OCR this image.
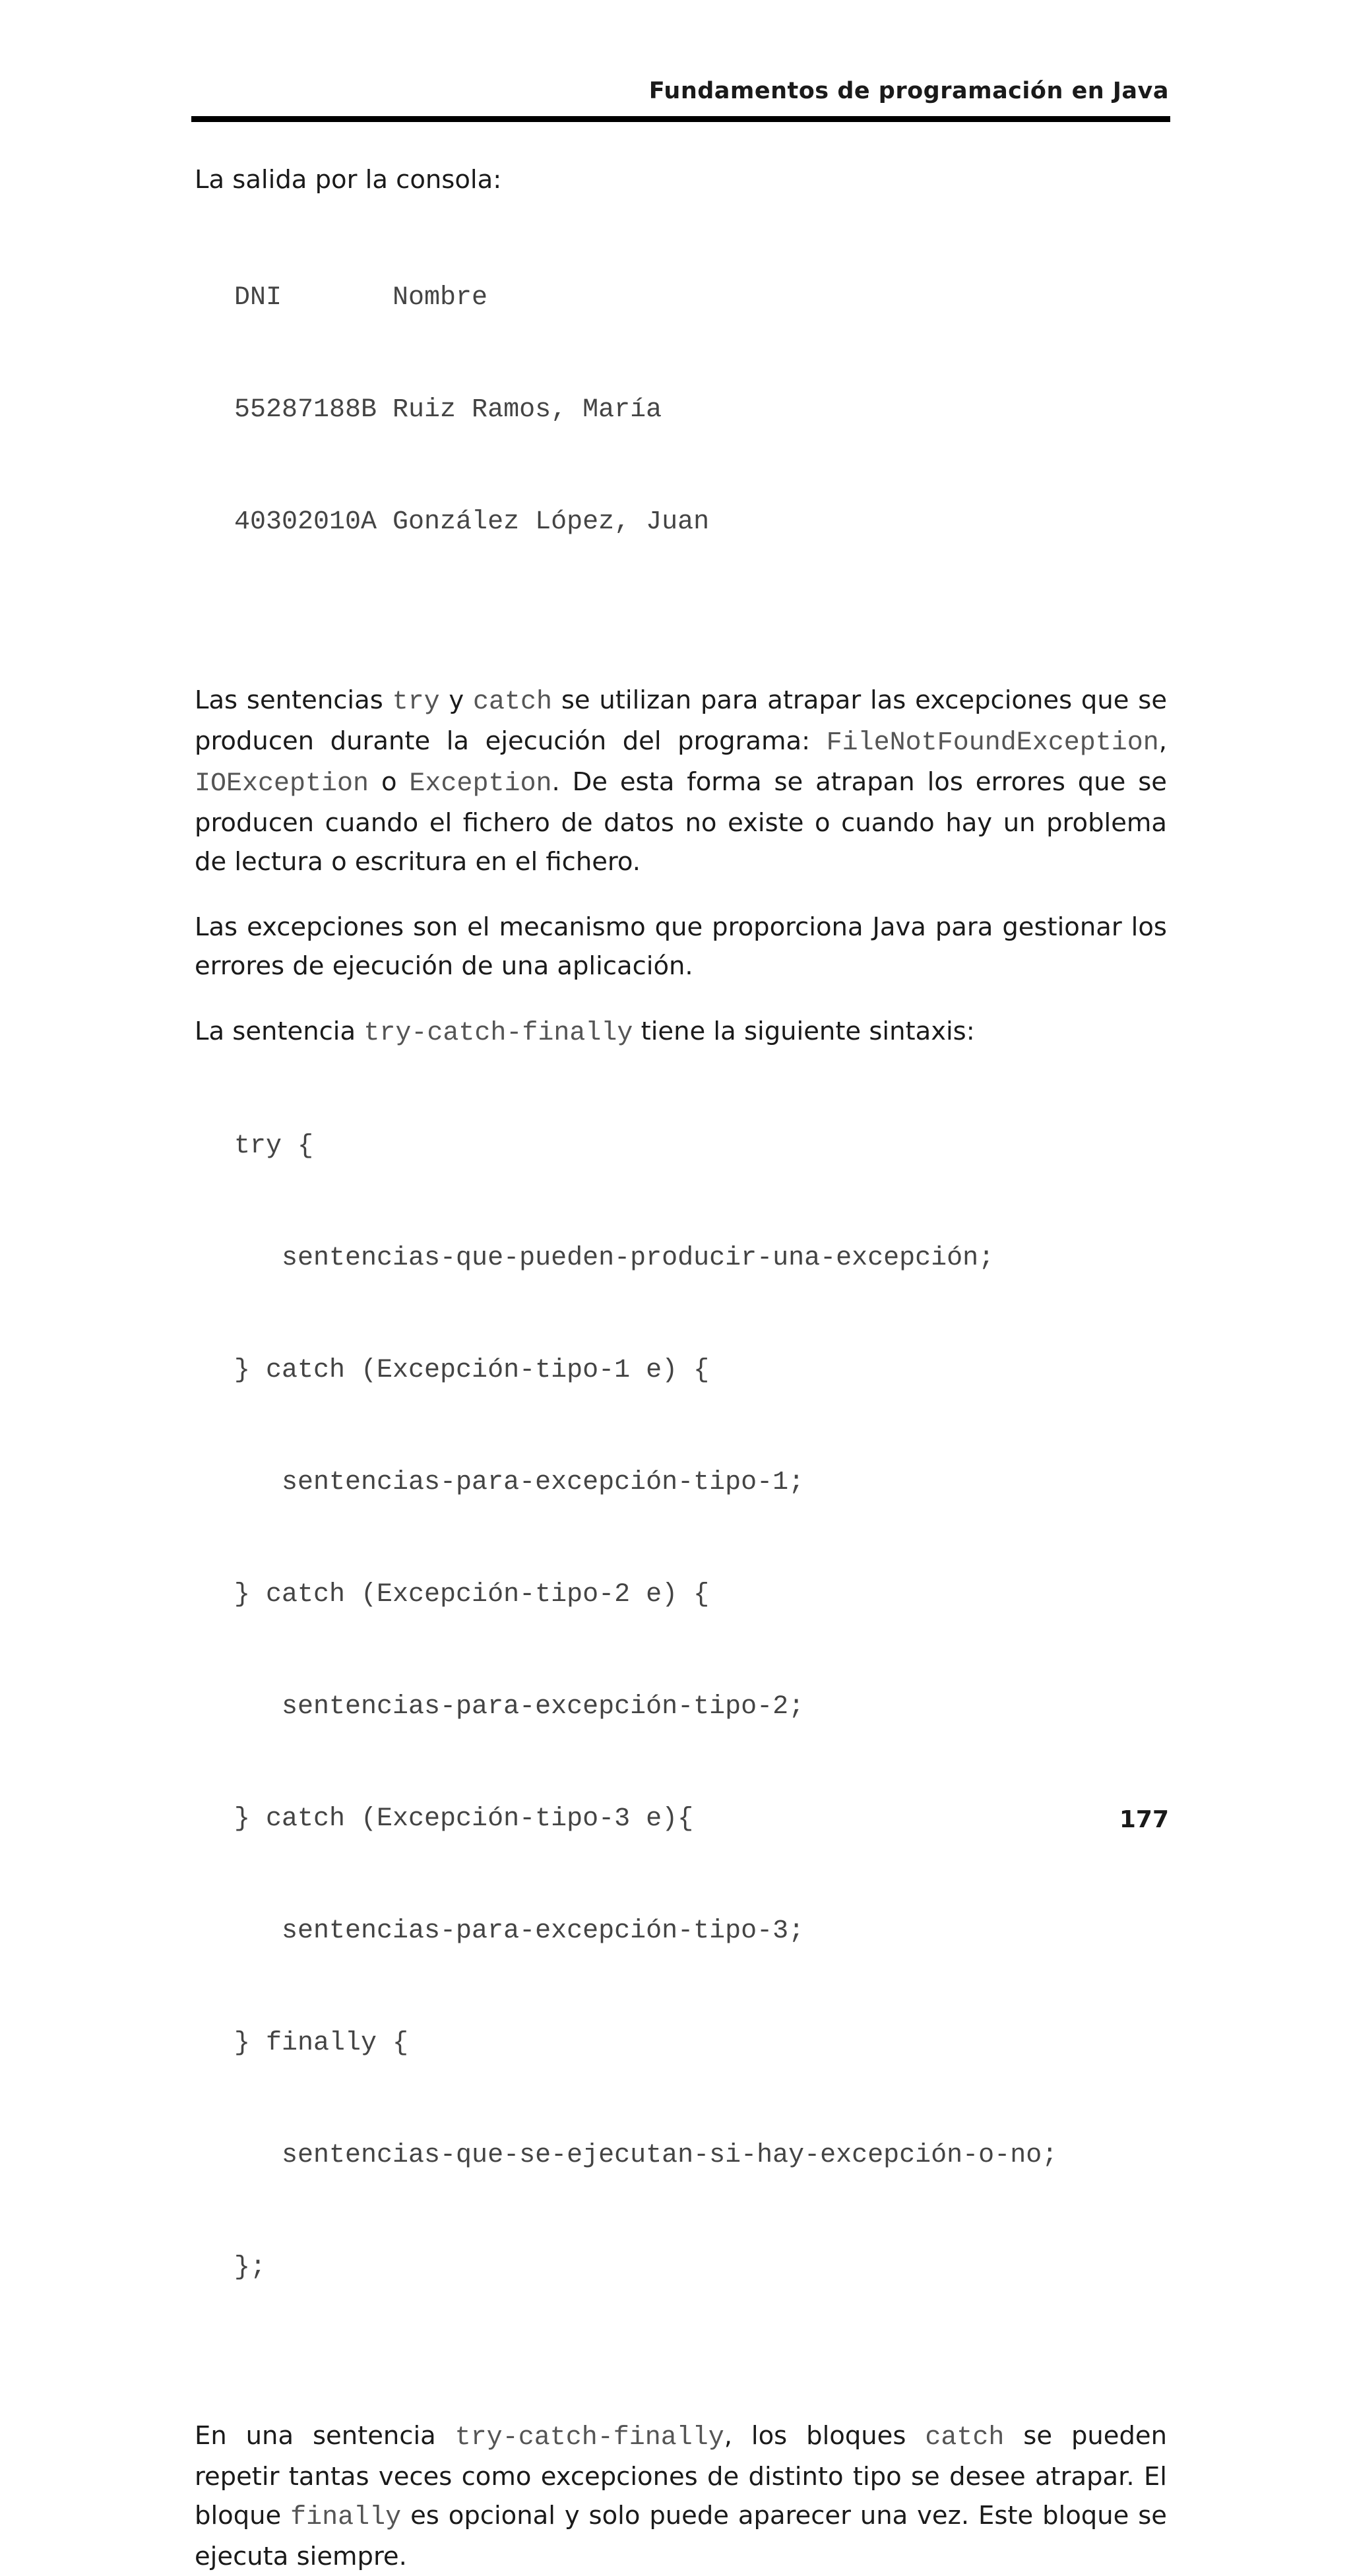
Fundamentos de programación en Java

La salida por la consola:

DNI       Nombre

55287188B Ruiz Ramos, María

40302010A González López, Juan

Las sentencias try y catch se utilizan para atrapar las excepciones que se producen durante la ejecución del programa: FileNotFoundException, IOException o Exception. De esta forma se atrapan los errores que se producen cuando el fichero de datos no existe o cuando hay un problema de lectura o escritura en el fichero.

Las excepciones son el mecanismo que proporciona Java para gestionar los errores de ejecución de una aplicación.

La sentencia try-catch-finally tiene la siguiente sintaxis:

try {

sentencias-que-pueden-producir-una-excepción;

} catch (Excepción-tipo-1 e) {

sentencias-para-excepción-tipo-1;

} catch (Excepción-tipo-2 e) {

sentencias-para-excepción-tipo-2;

} catch (Excepción-tipo-3 e){

sentencias-para-excepción-tipo-3;

} finally {

sentencias-que-se-ejecutan-si-hay-excepción-o-no;

};

En una sentencia try-catch-finally, los bloques catch se pueden repetir tantas veces como excepciones de distinto tipo se desee atrapar. El bloque finally es opcional y solo puede aparecer una vez. Este bloque se ejecuta siempre.

177
